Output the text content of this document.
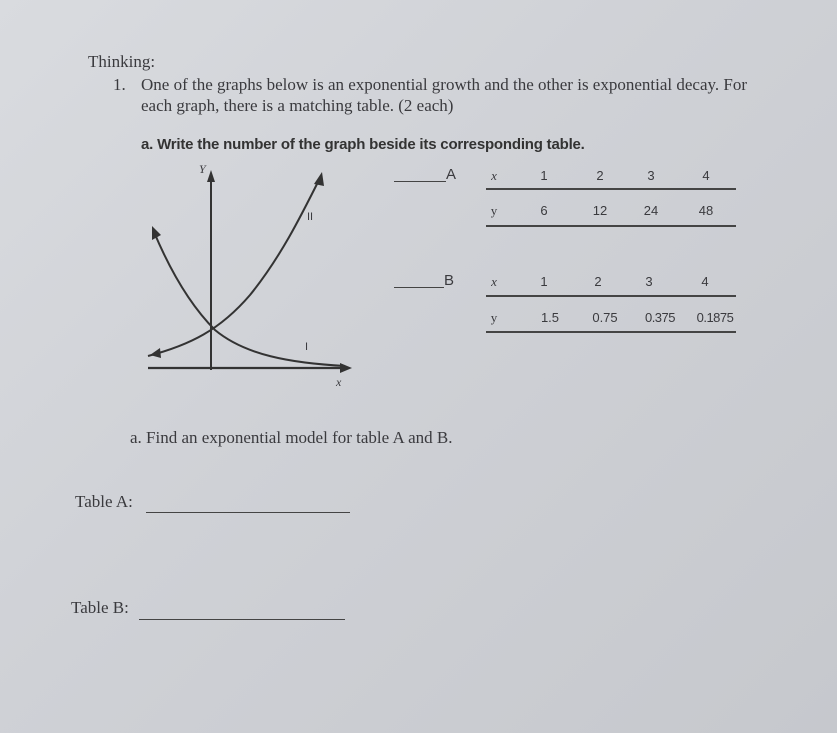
Thinking:
1. One of the graphs below is an exponential growth and the other is exponential decay. For
each graph, there is a matching table. (2 each)
a. Write the number of the graph beside its corresponding table.
Y
x
II
I
A	x	1	2	3	4
y	6	12	24	48
B	x	1	2	3	4
y	1.5	0.75	0.375	0.1875
a. Find an exponential model for table A and B.
Table A:
Table B:
